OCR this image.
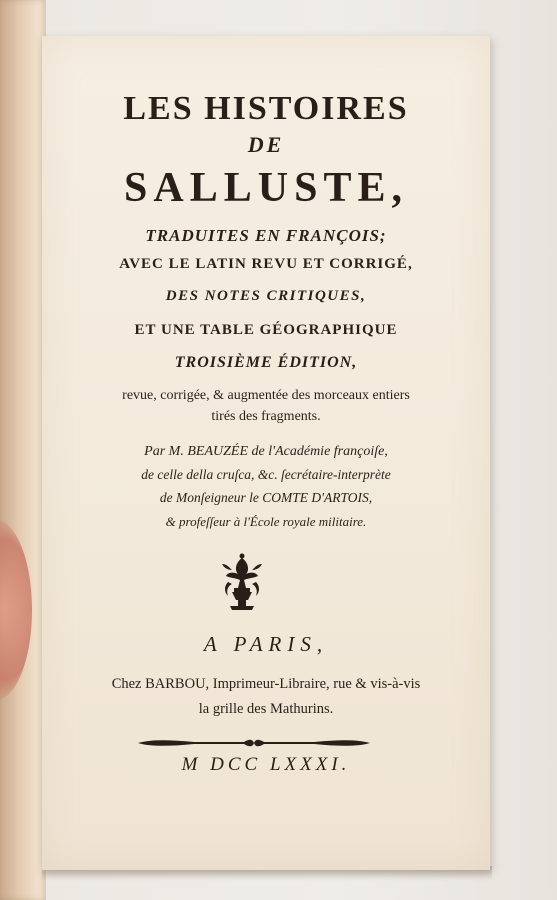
LES HISTOIRES
DE
SALLUSTE,
TRADUITES EN FRANÇOIS;
AVEC LE LATIN REVU ET CORRIGÉ,
DES NOTES CRITIQUES,
ET UNE TABLE GÉOGRAPHIQUE
TROISIÈME ÉDITION,
revue, corrigée, & augmentée des morceaux entiers
tirés des fragments.
Par M. BEAUZÉE de l'Académie françoiſe,
de celle della cruſca, &c. ſecrétaire-interprète
de Monſeigneur le COMTE D'ARTOIS,
& profeſſeur à l'École royale militaire.
A PARIS,
Chez BARBOU, Imprimeur-Libraire, rue & vis-à-vis
la grille des Mathurins.
M DCC LXXXI.
